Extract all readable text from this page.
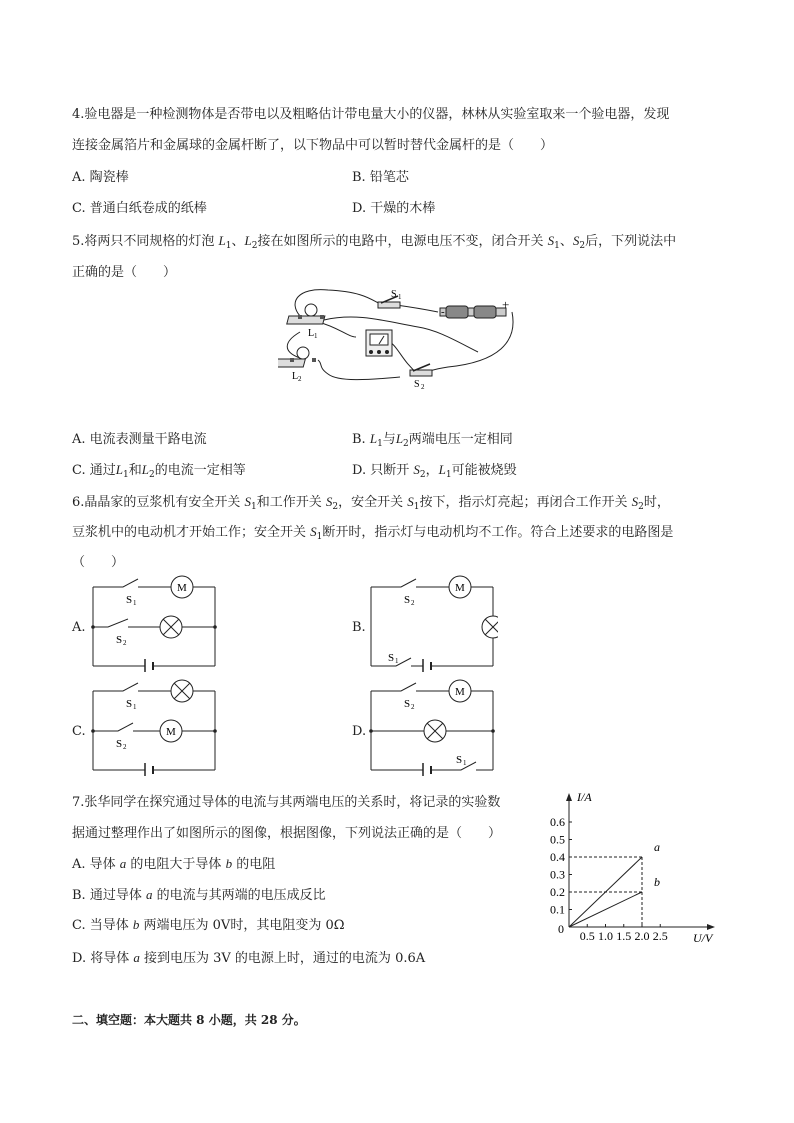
4.验电器是一种检测物体是否带电以及粗略估计带电量大小的仪器，林林从实验室取来一个验电器，发现
连接金属箔片和金属球的金属杆断了，以下物品中可以暂时替代金属杆的是（　　）
A. 陶瓷棒	B. 铅笔芯
C. 普通白纸卷成的纸棒	D. 干燥的木棒
5.将两只不同规格的灯泡 $L_1$、$L_2$接在如图所示的电路中，电源电压不变，闭合开关 $S_1$、$S_2$后，下列说法中
正确的是（　　）
S 1
S 2
L 1
L 2
-	+
A. 电流表测量干路电流	B. $L_1$与$L_2$两端电压一定相同
C. 通过$L_1$和$L_2$的电流一定相等	D. 只断开 $S_2$，$L_1$可能被烧毁
6.晶晶家的豆浆机有安全开关 $S_1$和工作开关 $S_2$，安全开关 $S_1$按下，指示灯亮起；再闭合工作开关 $S_2$时，
豆浆机中的电动机才开始工作；安全开关 $S_1$断开时，指示灯与电动机均不工作。符合上述要求的电路图是
（　　）
A.
M
S 1
S 2
B.
M
S 2
S 1
C.	M
S 1
S 2
D.
M
S 2
S 1
7.张华同学在探究通过导体的电流与其两端电压的关系时，将记录的实验数
据通过整理作出了如图所示的图像，根据图像，下列说法正确的是（　　）
A. 导体 a 的电阻大于导体 b 的电阻
B. 通过导体 a 的电流与其两端的电压成反比
C. 当导体 b 两端电压为 0V时，其电阻变为 0Ω
D. 将导体 a 接到电压为 3V 的电源上时，通过的电流为 0.6A
I/A
U/V
0 0.5 1.0 1.5 2.0 2.5
0.1
0.2
0.3
0.4
0.5
0.6
a
b
二、填空题：本大题共 8 小题，共 28 分。
